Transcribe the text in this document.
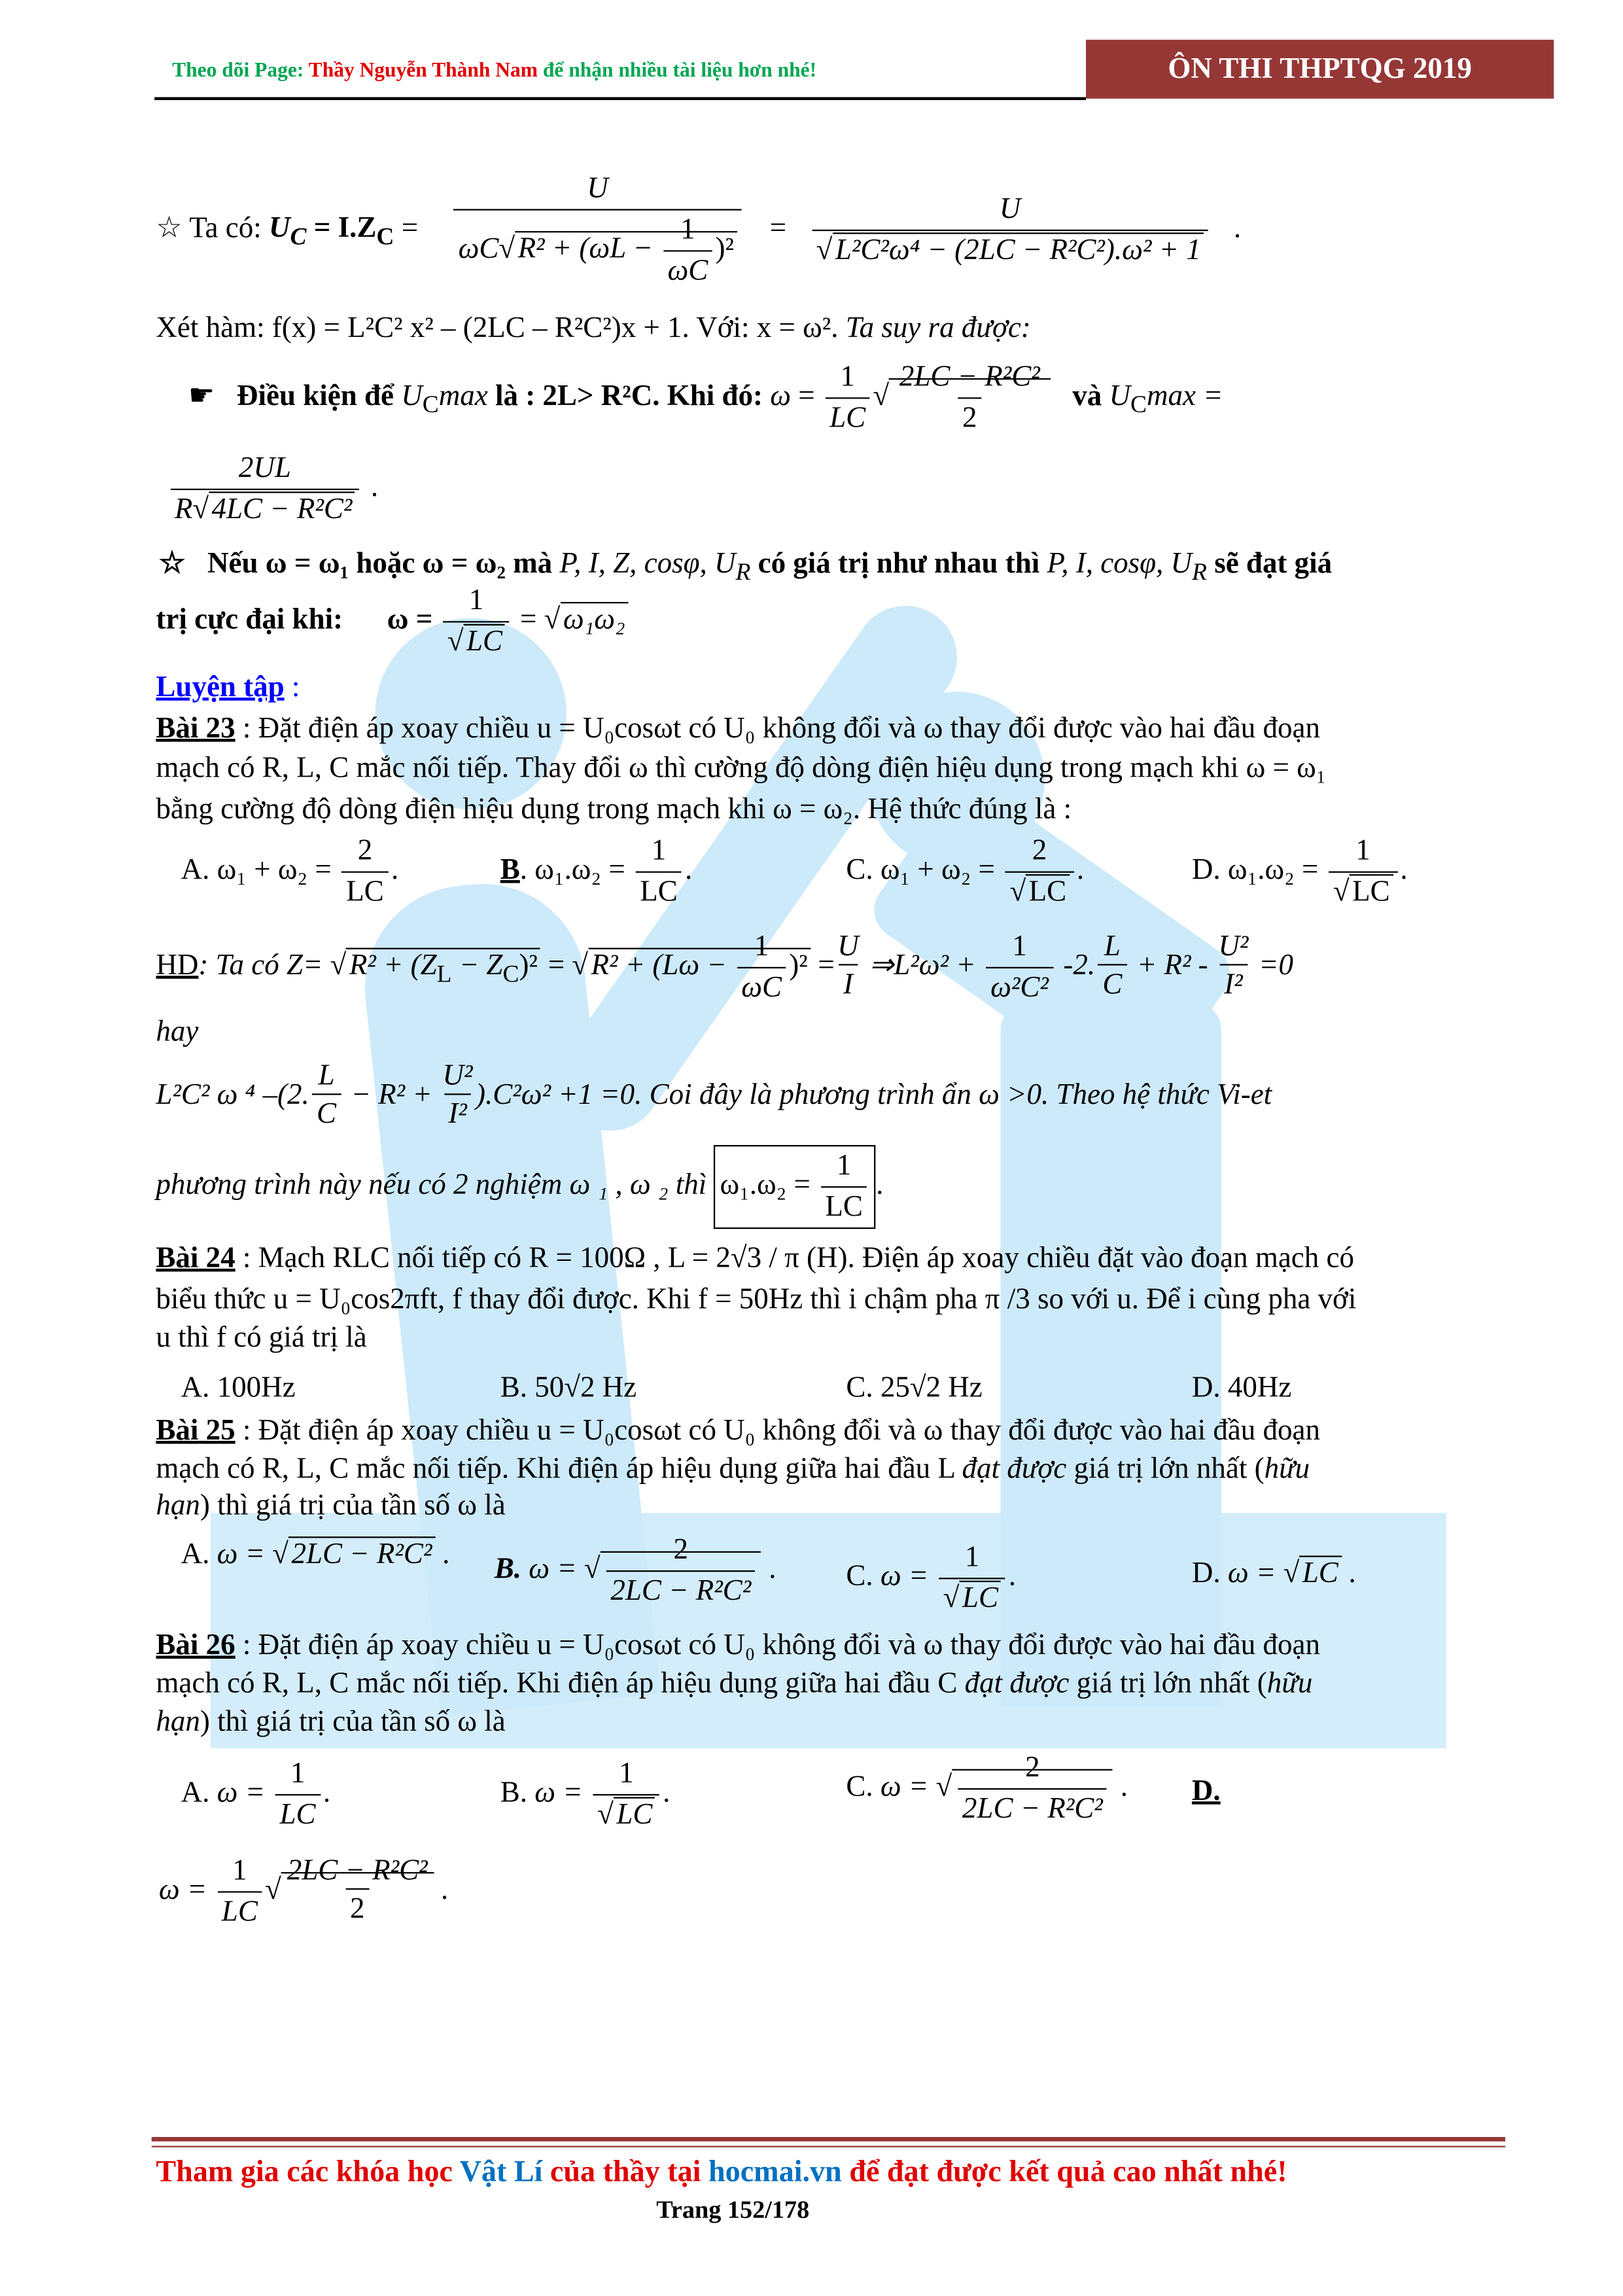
Theo dõi Page: Thầy Nguyễn Thành Nam để nhận nhiều tài liệu hơn nhé!	ÔN THI THPTQG 2019
☆ Ta có: $U_C = I.Z_C = \frac{U}{\omega C√ R^2 + (\omega L - \frac{1}{\omega C} )^2} = \frac{U}{\text{√ L²C²ω⁴ − (2LC − R²C²).ω² + 1}}$ .
Xét hàm: f(x) = L²C² x² – (2LC – R²C²)x + 1. Với: x = ω². Ta suy ra được:
☛ Điều kiện để $U_C\max$ là : 2L> R²C. Khi đó: $\omega = \frac{1}{LC}$ √ $\frac{\text{2LC − R²C²}}{2}$ và $U_C\max$ =
$\frac{2UL}{\text{R√ 4LC − R²C²}}$ .
☆ Nếu ω = ω₁ hoặc ω = ω₂ mà P, I, Z, cosφ, $U_R$ có giá trị như nhau thì P, I, cosφ, $U_R$ sẽ đạt giá
trị cực đại khi:	$\omega = \frac{1}{√ LC}$ = √ ω₁ω₂
Luyện tập :
Bài 23 : Đặt điện áp xoay chiều u = U₀cosωt có U₀ không đổi và ω thay đổi được vào hai đầu đoạn
mạch có R, L, C mắc nối tiếp. Thay đổi ω thì cường độ dòng điện hiệu dụng trong mạch khi ω = ω₁
bằng cường độ dòng điện hiệu dụng trong mạch khi ω = ω₂. Hệ thức đúng là :
A. $\omega_1 + \omega_2 = \frac{2}{LC}$ .	B. $\omega_1.\omega_2 = \frac{1}{LC}$ .	C. $\omega_1 + \omega_2 = \frac{2}{√ LC}$ .	D. $\omega_1.\omega_2 = \frac{1}{√ LC}$ .
HD: Ta có Z= √ $R^2 + (Z_L - Z_C)^2$ = √ $R^2 + (L\omega - \frac{1}{\omega C} )^2 = \frac{U}{I}$ ⇒L²ω² + $\frac{1}{\text{ω²C²}} -2$. $\frac{L}{C} + R^2 - \frac{\text{U²}}{\text{I²}} =0$
hay
L²C² ω ⁴ –(2. $\frac{L}{C} - R^2 + \frac{\text{U²}}{\text{I²}} ).C^2\omega^2 +1 =0$. Coi đây là phương trình ẩn ω >0. Theo hệ thức Vi-et
phương trình này nếu có 2 nghiệm ω ₁ , ω ₂ thì $\omega_1.\omega_2 = \frac{1}{LC}$ .
Bài 24 : Mạch RLC nối tiếp có R = 100Ω , L = 2√3 / π (H). Điện áp xoay chiều đặt vào đoạn mạch có
biểu thức u = U₀cos2πft, f thay đổi được. Khi f = 50Hz thì i chậm pha π /3 so với u. Để i cùng pha với
u thì f có giá trị là
A. 100Hz	B. 50√2 Hz	C. 25√2 Hz	D. 40Hz
Bài 25 : Đặt điện áp xoay chiều u = U₀cosωt có U₀ không đổi và ω thay đổi được vào hai đầu đoạn
mạch có R, L, C mắc nối tiếp. Khi điện áp hiệu dụng giữa hai đầu L đạt được giá trị lớn nhất (hữu
hạn) thì giá trị của tần số ω là
A. ω = √ 2LC − R²C² .	B. ω = √ $\frac{2}{\text{2LC − R²C²}}$ .	C. $\omega = \frac{1}{√ LC}$ .	D. ω = √ LC .
Bài 26 : Đặt điện áp xoay chiều u = U₀cosωt có U₀ không đổi và ω thay đổi được vào hai đầu đoạn
mạch có R, L, C mắc nối tiếp. Khi điện áp hiệu dụng giữa hai đầu C đạt được giá trị lớn nhất (hữu
hạn) thì giá trị của tần số ω là
A. $\omega = \frac{1}{LC}$ .	B. $\omega = \frac{1}{√ LC}$ .	C. ω = √ $\frac{2}{\text{2LC − R²C²}}$ .	D.
$\omega = \frac{1}{LC}$ √ $\frac{\text{2LC − R²C²}}{2}$ .
Tham gia các khóa học Vật Lí của thầy tại hocmai.vn để đạt được kết quả cao nhất nhé!
Trang 152/178
